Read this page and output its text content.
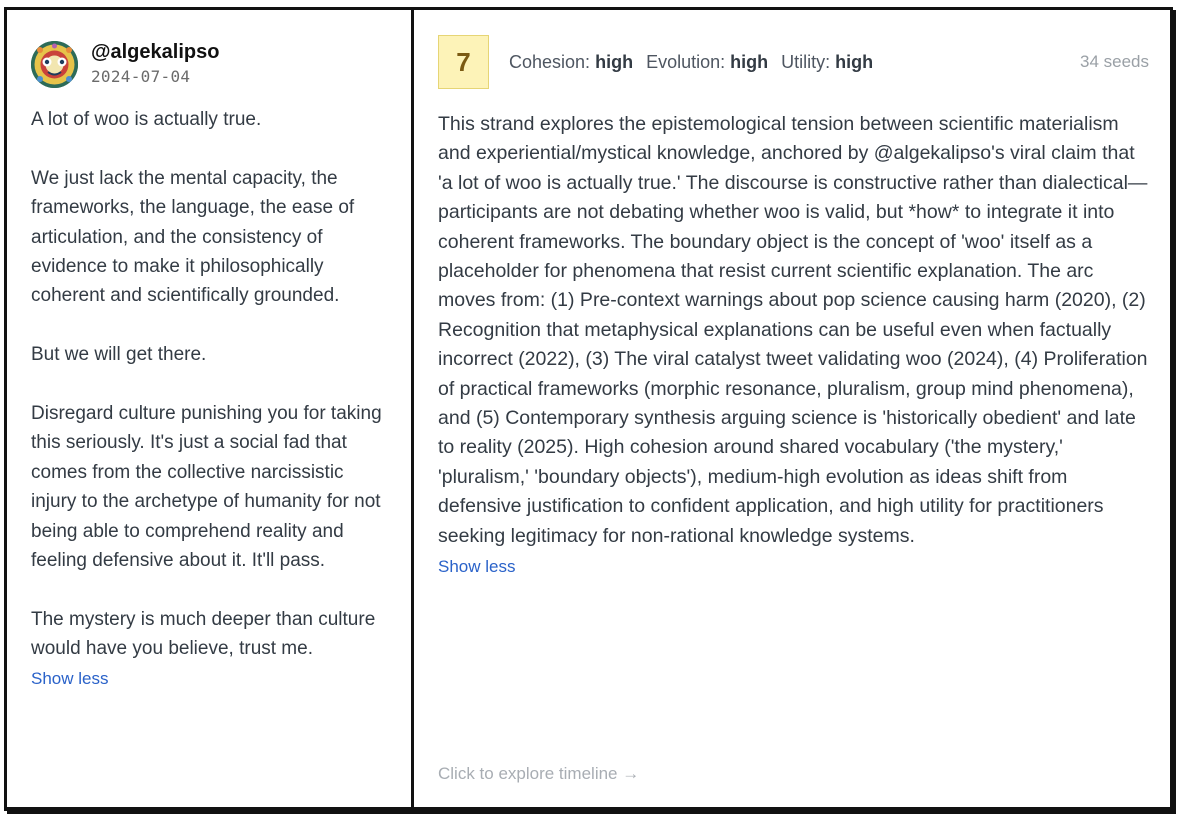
@algekalipso
2024-07-04

A lot of woo is actually true.

We just lack the mental capacity, the frameworks, the language, the ease of articulation, and the consistency of evidence to make it philosophically coherent and scientifically grounded.

But we will get there.

Disregard culture punishing you for taking this seriously. It's just a social fad that comes from the collective narcissistic injury to the archetype of humanity for not being able to comprehend reality and feeling defensive about it. It'll pass.

The mystery is much deeper than culture would have you believe, trust me.

Show less
7	Cohesion: high Evolution: high Utility: high	34 seeds
This strand explores the epistemological tension between scientific materialism and experiential/mystical knowledge, anchored by @algekalipso's viral claim that 'a lot of woo is actually true.' The discourse is constructive rather than dialectical—participants are not debating whether woo is valid, but *how* to integrate it into coherent frameworks. The boundary object is the concept of 'woo' itself as a placeholder for phenomena that resist current scientific explanation. The arc moves from: (1) Pre-context warnings about pop science causing harm (2020), (2) Recognition that metaphysical explanations can be useful even when factually incorrect (2022), (3) The viral catalyst tweet validating woo (2024), (4) Proliferation of practical frameworks (morphic resonance, pluralism, group mind phenomena), and (5) Contemporary synthesis arguing science is 'historically obedient' and late to reality (2025). High cohesion around shared vocabulary ('the mystery,' 'pluralism,' 'boundary objects'), medium-high evolution as ideas shift from defensive justification to confident application, and high utility for practitioners seeking legitimacy for non-rational knowledge systems.
Show less
Click to explore timeline →
